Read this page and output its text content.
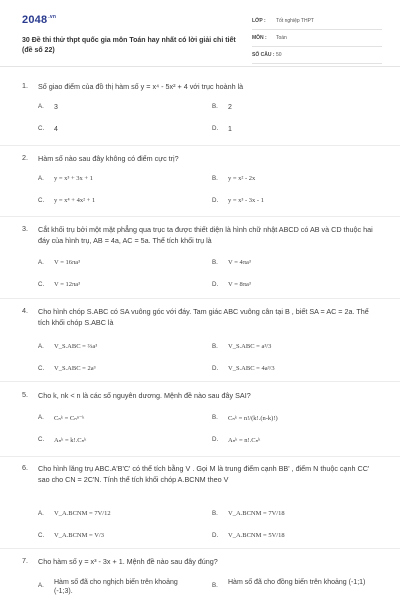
$2048^{.vn}$
30 Đề thi thử thpt quốc gia môn Toán hay nhất có lời giải chi tiết (đề số 22)
LỚP : Tốt nghiệp THPT
MÔN : Toán
SỐ CÂU : 50
1. Số giao điểm của đồ thị hàm số y = x⁴ - 5x² + 4 với trục hoành là
A. 3	B. 2
C. 4	D. 1
2. Hàm số nào sau đây không có điểm cực trị?
A. y = x³ + 3x + 1	B. y = x² - 2x
C. y = x⁴ + 4x² + 1	D. y = x³ - 3x - 1
3. Cắt khối trụ bởi một mặt phẳng qua trục ta được thiết diện là hình chữ nhật ABCD có AB và CD thuộc hai đáy của hình trụ, AB = 4a, AC = 5a. Thể tích khối trụ là
A. V = 16πa³	B. V = 4πa³
C. V = 12πa³	D. V = 8πa³
4. Cho hình chóp S.ABC có SA vuông góc với đáy. Tam giác ABC vuông cân tại B , biết SA = AC = 2a. Thể tích khối chóp S.ABC là
A. V_S.ABC = ⅔a³	B. V_S.ABC = a³/3
C. V_S.ABC = 2a³	D. V_S.ABC = 4a³/3
5. Cho k, nk < n là các số nguyên dương. Mệnh đề nào sau đây SAI?
A. Cₙᵏ = Cₙⁿ⁻ᵏ	B. Cₙᵏ = n!/(k!.(n-k)!)
C. Aₙᵏ = k!.Cₙᵏ	D. Aₙᵏ = n!.Cₙᵏ
6. Cho hình lăng trụ ABC.A'B'C' có thể tích bằng V . Gọi M là trung điểm cạnh BB' , điểm N thuộc cạnh CC' sao cho CN = 2C'N. Tính thể tích khối chóp A.BCNM theo V
A. V_A.BCNM = 7V/12	B. V_A.BCNM = 7V/18
C. V_A.BCNM = V/3	D. V_A.BCNM = 5V/18
7. Cho hàm số y = x³ - 3x + 1. Mệnh đề nào sau đây đúng?
A. Hàm số đã cho nghịch biến trên khoảng (-1;3).
B. Hàm số đã cho đồng biến trên khoảng (-1;1)
